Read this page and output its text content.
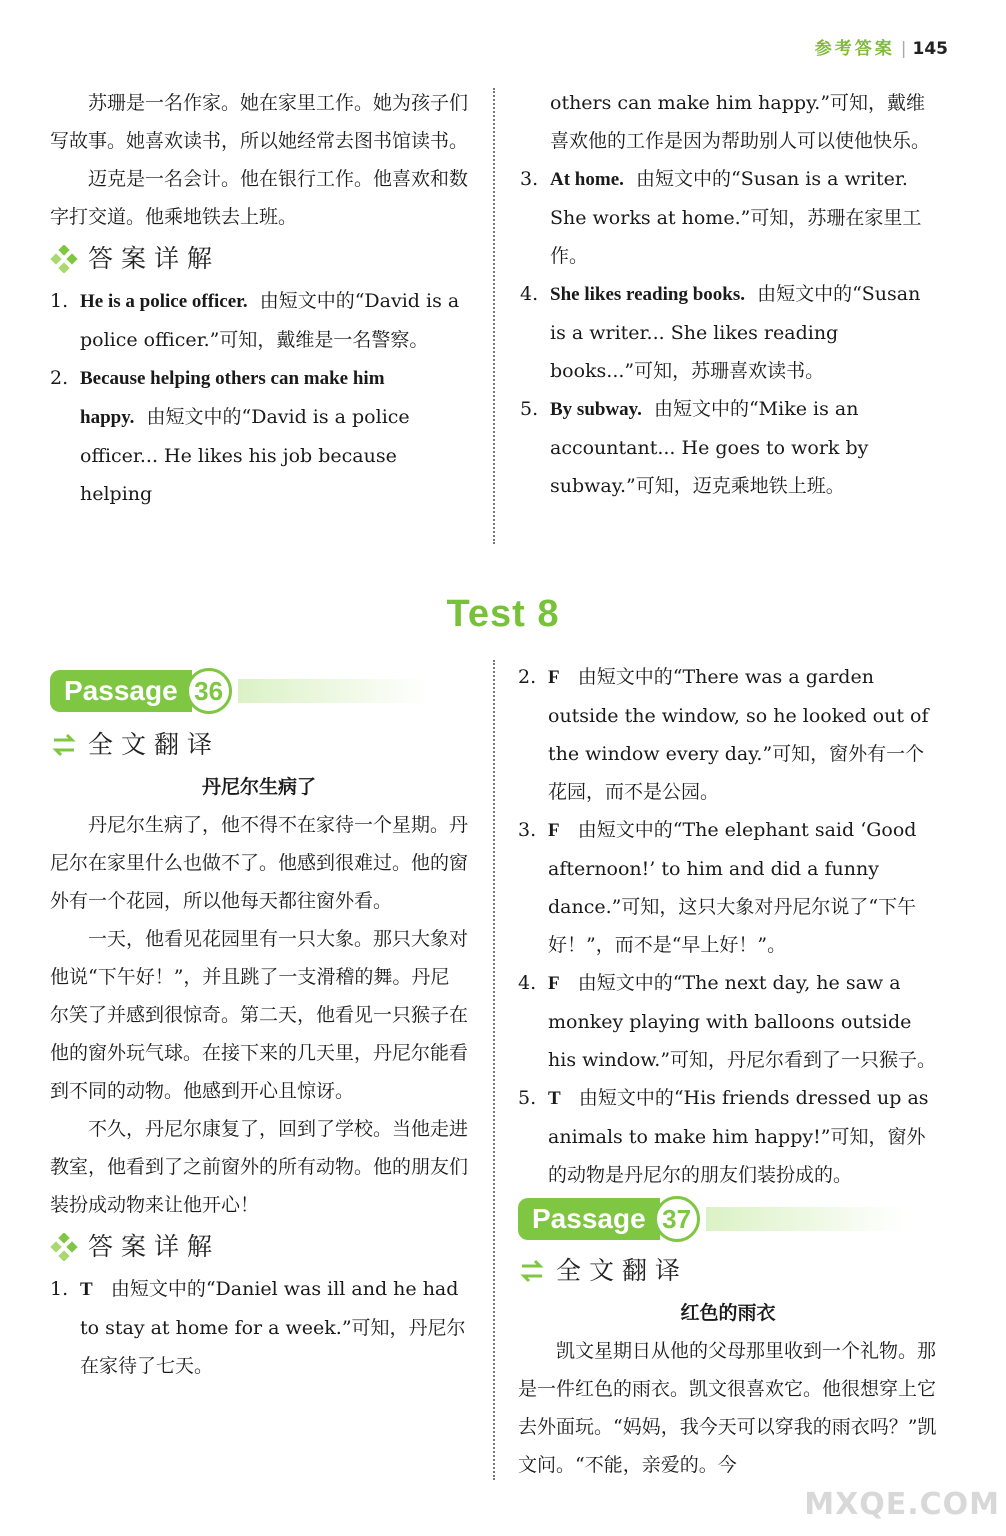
参考答案 | 145

苏珊是一名作家。她在家里工作。她为孩子们写故事。她喜欢读书，所以她经常去图书馆读书。

迈克是一名会计。他在银行工作。他喜欢和数字打交道。他乘地铁去上班。

答案详解
1. He is a police officer. 由短文中的“David is a police officer.”可知，戴维是一名警察。
2. Because helping others can make him happy. 由短文中的“David is a police officer... He likes his job because helping

others can make him happy.”可知，戴维喜欢他的工作是因为帮助别人可以使他快乐。

3. At home. 由短文中的“Susan is a writer. She works at home.”可知，苏珊在家里工作。
4. She likes reading books. 由短文中的“Susan is a writer... She likes reading books...”可知，苏珊喜欢读书。
5. By subway. 由短文中的“Mike is an accountant... He goes to work by subway.”可知，迈克乘地铁上班。
Test 8
Passage 36
全文翻译

丹尼尔生病了

丹尼尔生病了，他不得不在家待一个星期。丹尼尔在家里什么也做不了。他感到很难过。他的窗外有一个花园，所以他每天都往窗外看。

一天，他看见花园里有一只大象。那只大象对他说“下午好！”，并且跳了一支滑稽的舞。丹尼尔笑了并感到很惊奇。第二天，他看见一只猴子在他的窗外玩气球。在接下来的几天里，丹尼尔能看到不同的动物。他感到开心且惊讶。

不久，丹尼尔康复了，回到了学校。当他走进教室，他看到了之前窗外的所有动物。他的朋友们装扮成动物来让他开心！

答案详解
1. T 由短文中的“Daniel was ill and he had to stay at home for a week.”可知，丹尼尔在家待了七天。
2. F 由短文中的“There was a garden outside the window, so he looked out of the window every day.”可知，窗外有一个花园，而不是公园。
3. F 由短文中的“The elephant said ‘Good afternoon!’ to him and did a funny dance.”可知，这只大象对丹尼尔说了“下午好！”，而不是“早上好！”。
4. F 由短文中的“The next day, he saw a monkey playing with balloons outside his window.”可知，丹尼尔看到了一只猴子。
5. T 由短文中的“His friends dressed up as animals to make him happy!”可知，窗外的动物是丹尼尔的朋友们装扮成的。
Passage 37
全文翻译

红色的雨衣

凯文星期日从他的父母那里收到一个礼物。那是一件红色的雨衣。凯文很喜欢它。他很想穿上它去外面玩。“妈妈，我今天可以穿我的雨衣吗？”凯文问。“不能，亲爱的。今

MXQE.COM
